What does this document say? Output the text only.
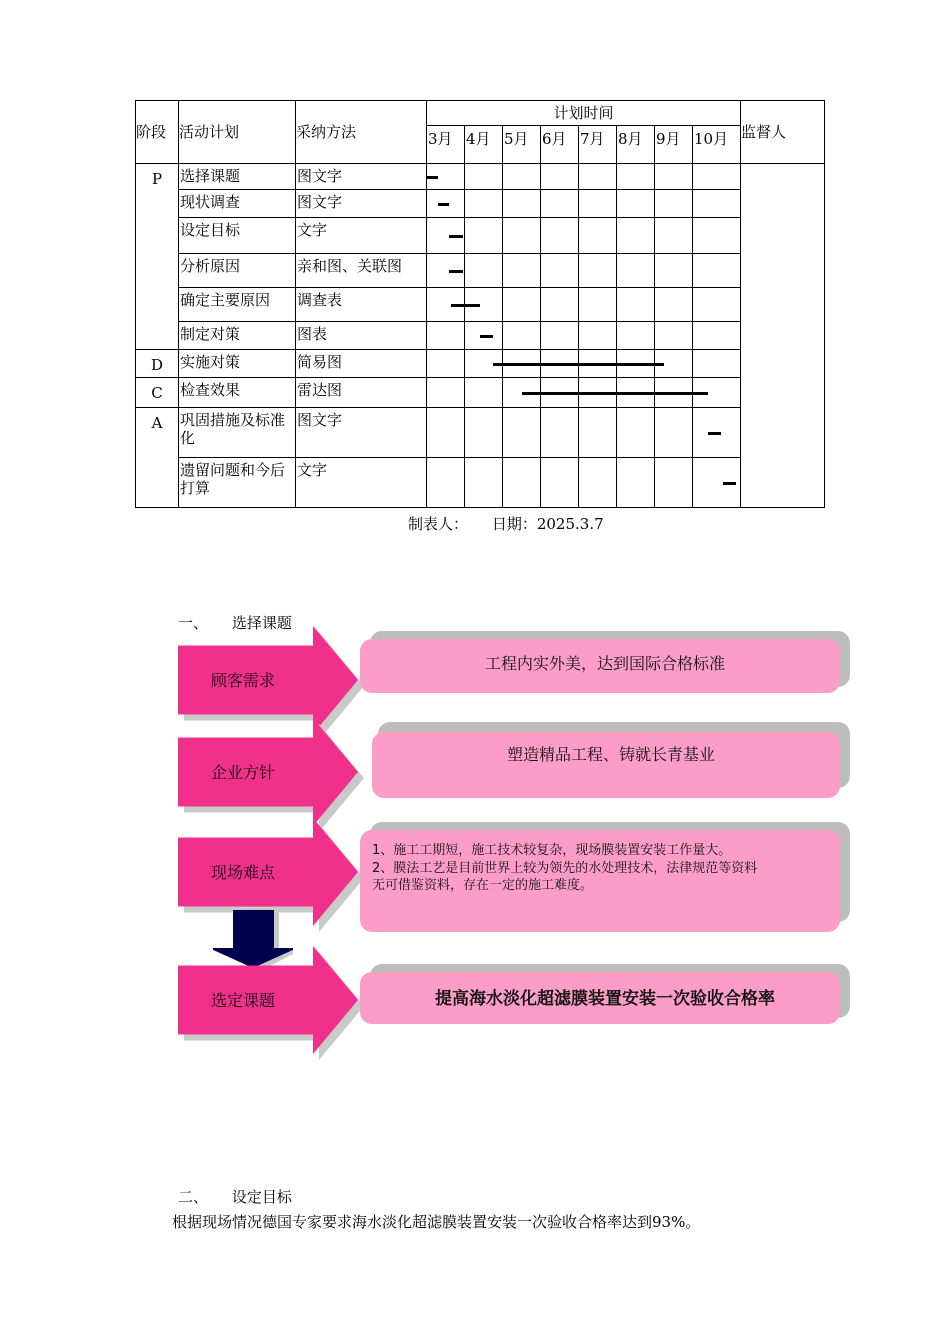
阶段	活动计划	采纳方法	计划时间								监督人
			3月	4月	5月	6月	7月	8月	9月	10月	
P	选择课题	图文字									
	现状调查	图文字									
	设定目标	文字									
	分析原因	亲和图、关联图									
	确定主要原因	调查表									
	制定对策	图表									
D	实施对策	简易图									
C	检查效果	雷达图									
A	巩固措施及标准化	图文字									
	遗留问题和今后打算	文字									
制表人：     日期：2025.3.7
一、     选择课题
顾客需求
工程内实外美，达到国际合格标准
企业方针
塑造精品工程、铸就长青基业
现场难点
1、施工工期短，施工技术较复杂，现场膜装置安装工作量大。
2、膜法工艺是目前世界上较为领先的水处理技术，法律规范等资料
无可借鉴资料，存在一定的施工难度。
选定课题	提高海水淡化超滤膜装置安装一次验收合格率
二、     设定目标
根据现场情况德国专家要求海水淡化超滤膜装置安装一次验收合格率达到93%。
